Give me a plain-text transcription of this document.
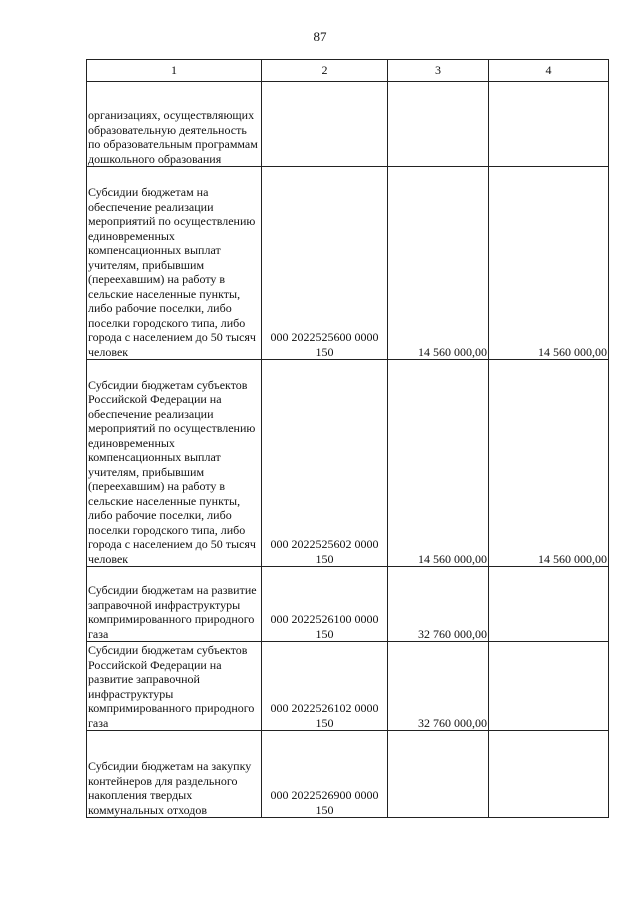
87
1	2	3	4
организациях, осуществляющих образовательную деятельность по образовательным программам дошкольного образования			
Субсидии бюджетам на обеспечение реализации мероприятий по осуществлению единовременных компенсационных выплат учителям, прибывшим (переехавшим) на работу в сельские населенные пункты, либо рабочие поселки, либо поселки городского типа, либо города с населением до 50 тысяч человек	000 2022525600 0000 150	14 560 000,00	14 560 000,00
Субсидии бюджетам субъектов Российской Федерации на обеспечение реализации мероприятий по осуществлению единовременных компенсационных выплат учителям, прибывшим (переехавшим) на работу в сельские населенные пункты, либо рабочие поселки, либо поселки городского типа, либо города с населением до 50 тысяч человек	000 2022525602 0000 150	14 560 000,00	14 560 000,00
Субсидии бюджетам на развитие заправочной инфраструктуры компримированного природного газа	000 2022526100 0000 150	32 760 000,00	
Субсидии бюджетам субъектов Российской Федерации на развитие заправочной инфраструктуры компримированного природного газа	000 2022526102 0000 150	32 760 000,00	
Субсидии бюджетам на закупку контейнеров для раздельного накопления твердых коммунальных отходов	000 2022526900 0000 150		
